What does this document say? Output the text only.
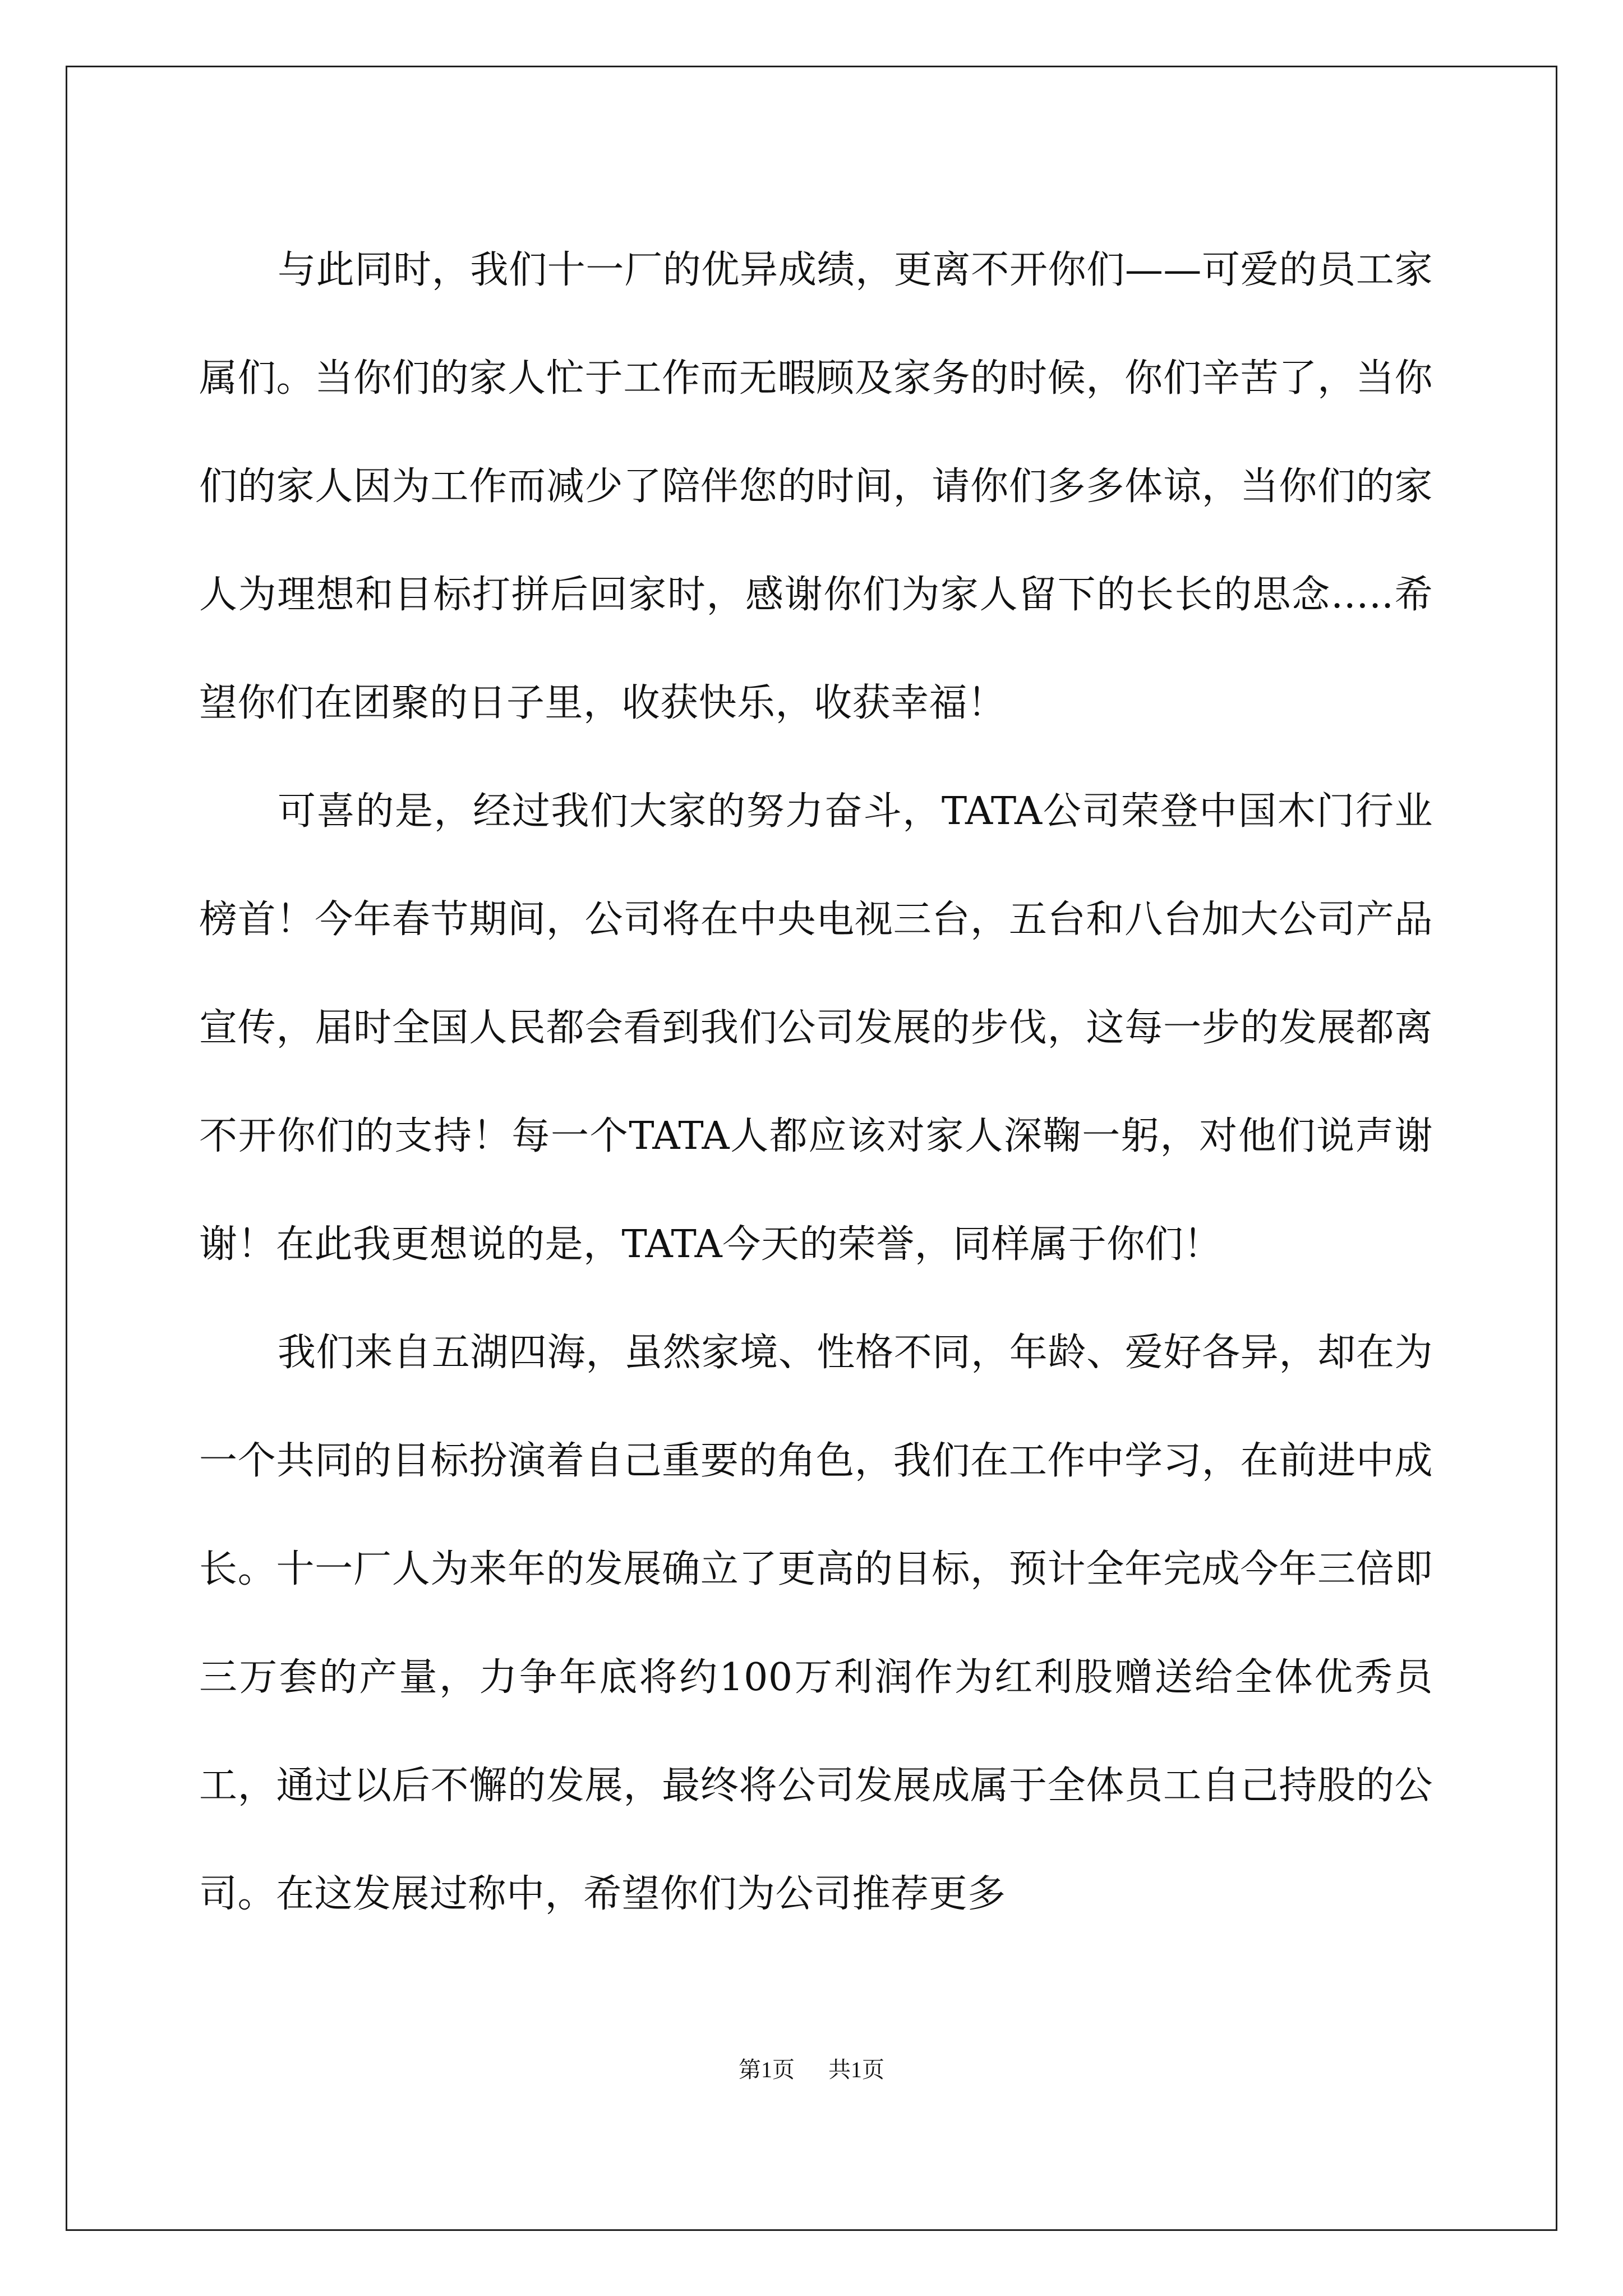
与此同时，我们十一厂的优异成绩，更离不开你们——可爱的员工家属们。当你们的家人忙于工作而无暇顾及家务的时候，你们辛苦了，当你们的家人因为工作而减少了陪伴您的时间，请你们多多体谅，当你们的家人为理想和目标打拼后回家时，感谢你们为家人留下的长长的思念…..希望你们在团聚的日子里，收获快乐，收获幸福！

可喜的是，经过我们大家的努力奋斗，TATA公司荣登中国木门行业榜首！今年春节期间，公司将在中央电视三台，五台和八台加大公司产品宣传，届时全国人民都会看到我们公司发展的步伐，这每一步的发展都离不开你们的支持！每一个TATA人都应该对家人深鞠一躬，对他们说声谢谢！在此我更想说的是，TATA今天的荣誉，同样属于你们！

我们来自五湖四海，虽然家境、性格不同，年龄、爱好各异，却在为一个共同的目标扮演着自己重要的角色，我们在工作中学习，在前进中成长。十一厂人为来年的发展确立了更高的目标，预计全年完成今年三倍即三万套的产量，力争年底将约100万利润作为红利股赠送给全体优秀员工，通过以后不懈的发展，最终将公司发展成属于全体员工自己持股的公司。在这发展过称中，希望你们为公司推荐更多

第1页 共1页
